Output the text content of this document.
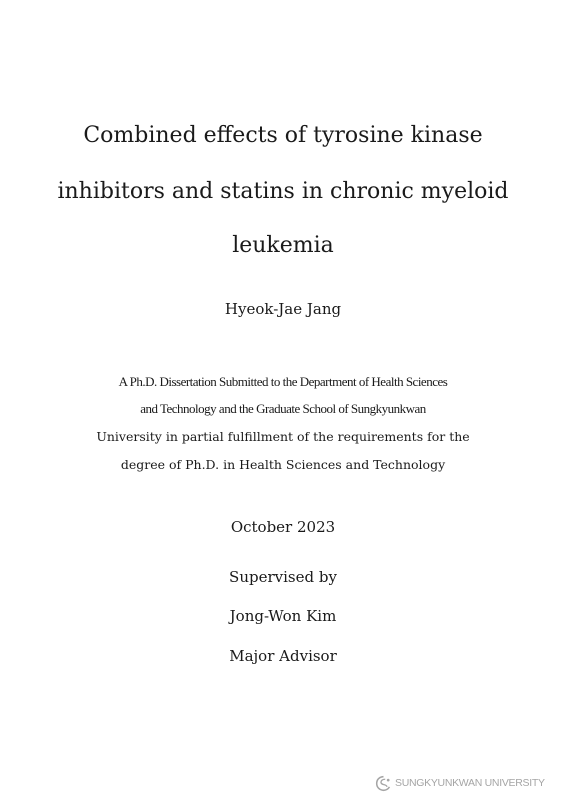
Combined effects of tyrosine kinase
inhibitors and statins in chronic myeloid
leukemia
Hyeok-Jae Jang
A Ph.D. Dissertation Submitted to the Department of Health Sciences
and Technology and the Graduate School of Sungkyunkwan
University in partial fulfillment of the requirements for the
degree of Ph.D. in Health Sciences and Technology
October 2023
Supervised by
Jong-Won Kim
Major Advisor
SUNGKYUNKWAN UNIVERSITY
